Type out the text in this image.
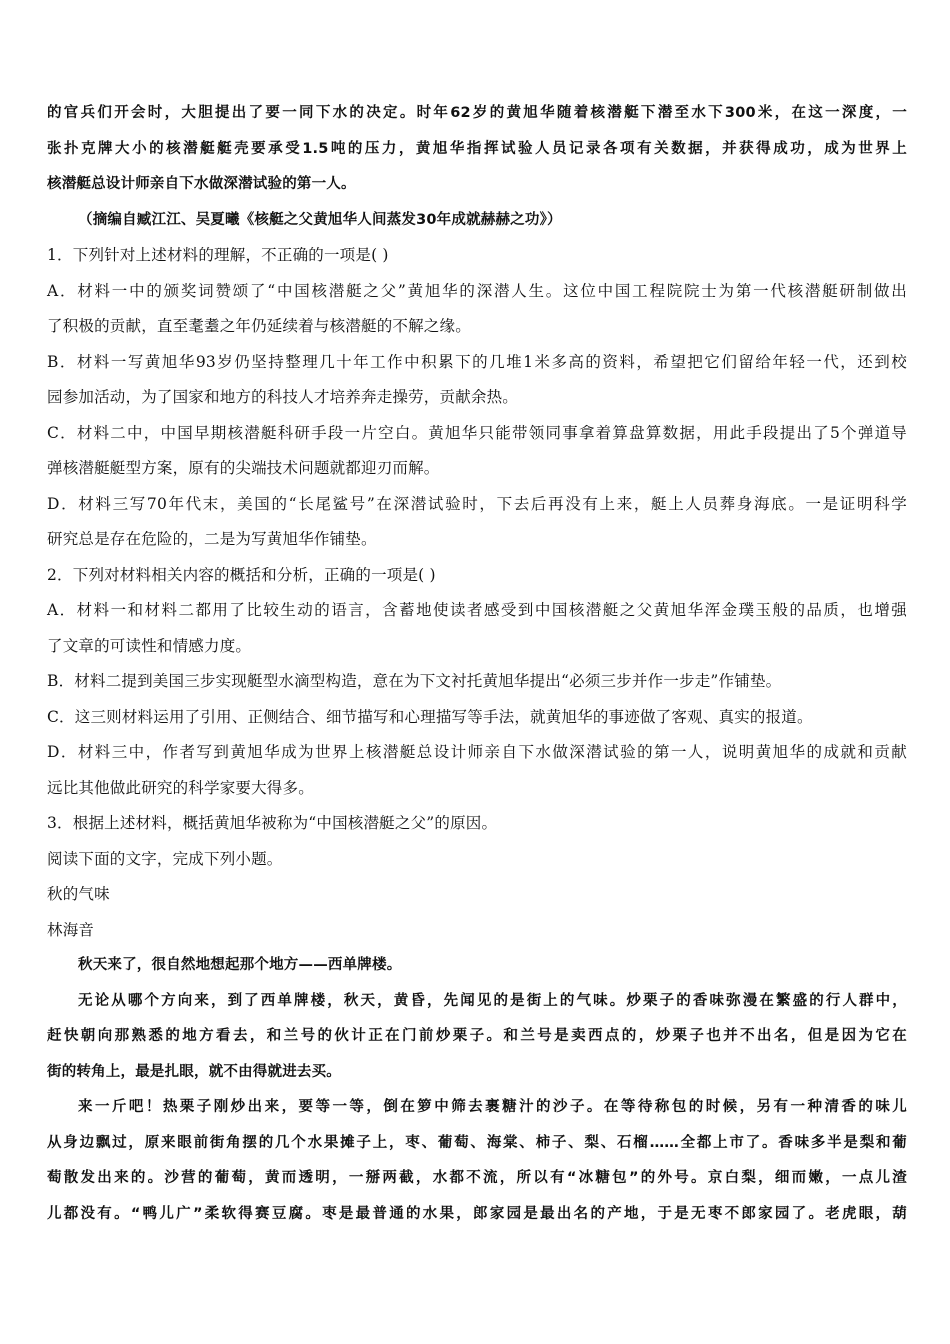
的官兵们开会时，大胆提出了要一同下水的决定。时年62岁的黄旭华随着核潜艇下潜至水下300米，在这一深度，一
张扑克牌大小的核潜艇艇壳要承受1.5吨的压力，黄旭华指挥试验人员记录各项有关数据，并获得成功，成为世界上
核潜艇总设计师亲自下水做深潜试验的第一人。
（摘编自臧江江、吴夏曦《核艇之父黄旭华人间蒸发30年成就赫赫之功》）
1．下列针对上述材料的理解，不正确的一项是( )
A．材料一中的颁奖词赞颂了“中国核潜艇之父”黄旭华的深潜人生。这位中国工程院院士为第一代核潜艇研制做出
了积极的贡献，直至耄耋之年仍延续着与核潜艇的不解之缘。
B．材料一写黄旭华93岁仍坚持整理几十年工作中积累下的几堆1米多高的资料，希望把它们留给年轻一代，还到校
园参加活动，为了国家和地方的科技人才培养奔走操劳，贡献余热。
C．材料二中，中国早期核潜艇科研手段一片空白。黄旭华只能带领同事拿着算盘算数据，用此手段提出了5个弹道导
弹核潜艇艇型方案，原有的尖端技术问题就都迎刃而解。
D．材料三写70年代末，美国的“长尾鲨号”在深潜试验时，下去后再没有上来，艇上人员葬身海底。一是证明科学
研究总是存在危险的，二是为写黄旭华作铺垫。
2．下列对材料相关内容的概括和分析，正确的一项是( )
A．材料一和材料二都用了比较生动的语言，含蓄地使读者感受到中国核潜艇之父黄旭华浑金璞玉般的品质，也增强
了文章的可读性和情感力度。
B．材料二提到美国三步实现艇型水滴型构造，意在为下文衬托黄旭华提出“必须三步并作一步走”作铺垫。
C．这三则材料运用了引用、正侧结合、细节描写和心理描写等手法，就黄旭华的事迹做了客观、真实的报道。
D．材料三中，作者写到黄旭华成为世界上核潜艇总设计师亲自下水做深潜试验的第一人，说明黄旭华的成就和贡献
远比其他做此研究的科学家要大得多。
3．根据上述材料，概括黄旭华被称为“中国核潜艇之父”的原因。
阅读下面的文字，完成下列小题。
秋的气味
林海音
秋天来了，很自然地想起那个地方——西单牌楼。
无论从哪个方向来，到了西单牌楼，秋天，黄昏，先闻见的是街上的气味。炒栗子的香味弥漫在繁盛的行人群中，
赶快朝向那熟悉的地方看去，和兰号的伙计正在门前炒栗子。和兰号是卖西点的，炒栗子也并不出名，但是因为它在
街的转角上，最是扎眼，就不由得就进去买。
来一斤吧！热栗子刚炒出来，要等一等，倒在箩中筛去裹糖汁的沙子。在等待称包的时候，另有一种清香的味儿
从身边飘过，原来眼前街角摆的几个水果摊子上，枣、葡萄、海棠、柿子、梨、石榴……全都上市了。香味多半是梨和葡
萄散发出来的。沙营的葡萄，黄而透明，一掰两截，水都不流，所以有“冰糖包”的外号。京白梨，细而嫩，一点儿渣
儿都没有。“鸭儿广”柔软得赛豆腐。枣是最普通的水果，郎家园是最出名的产地，于是无枣不郎家园了。老虎眼，葫
